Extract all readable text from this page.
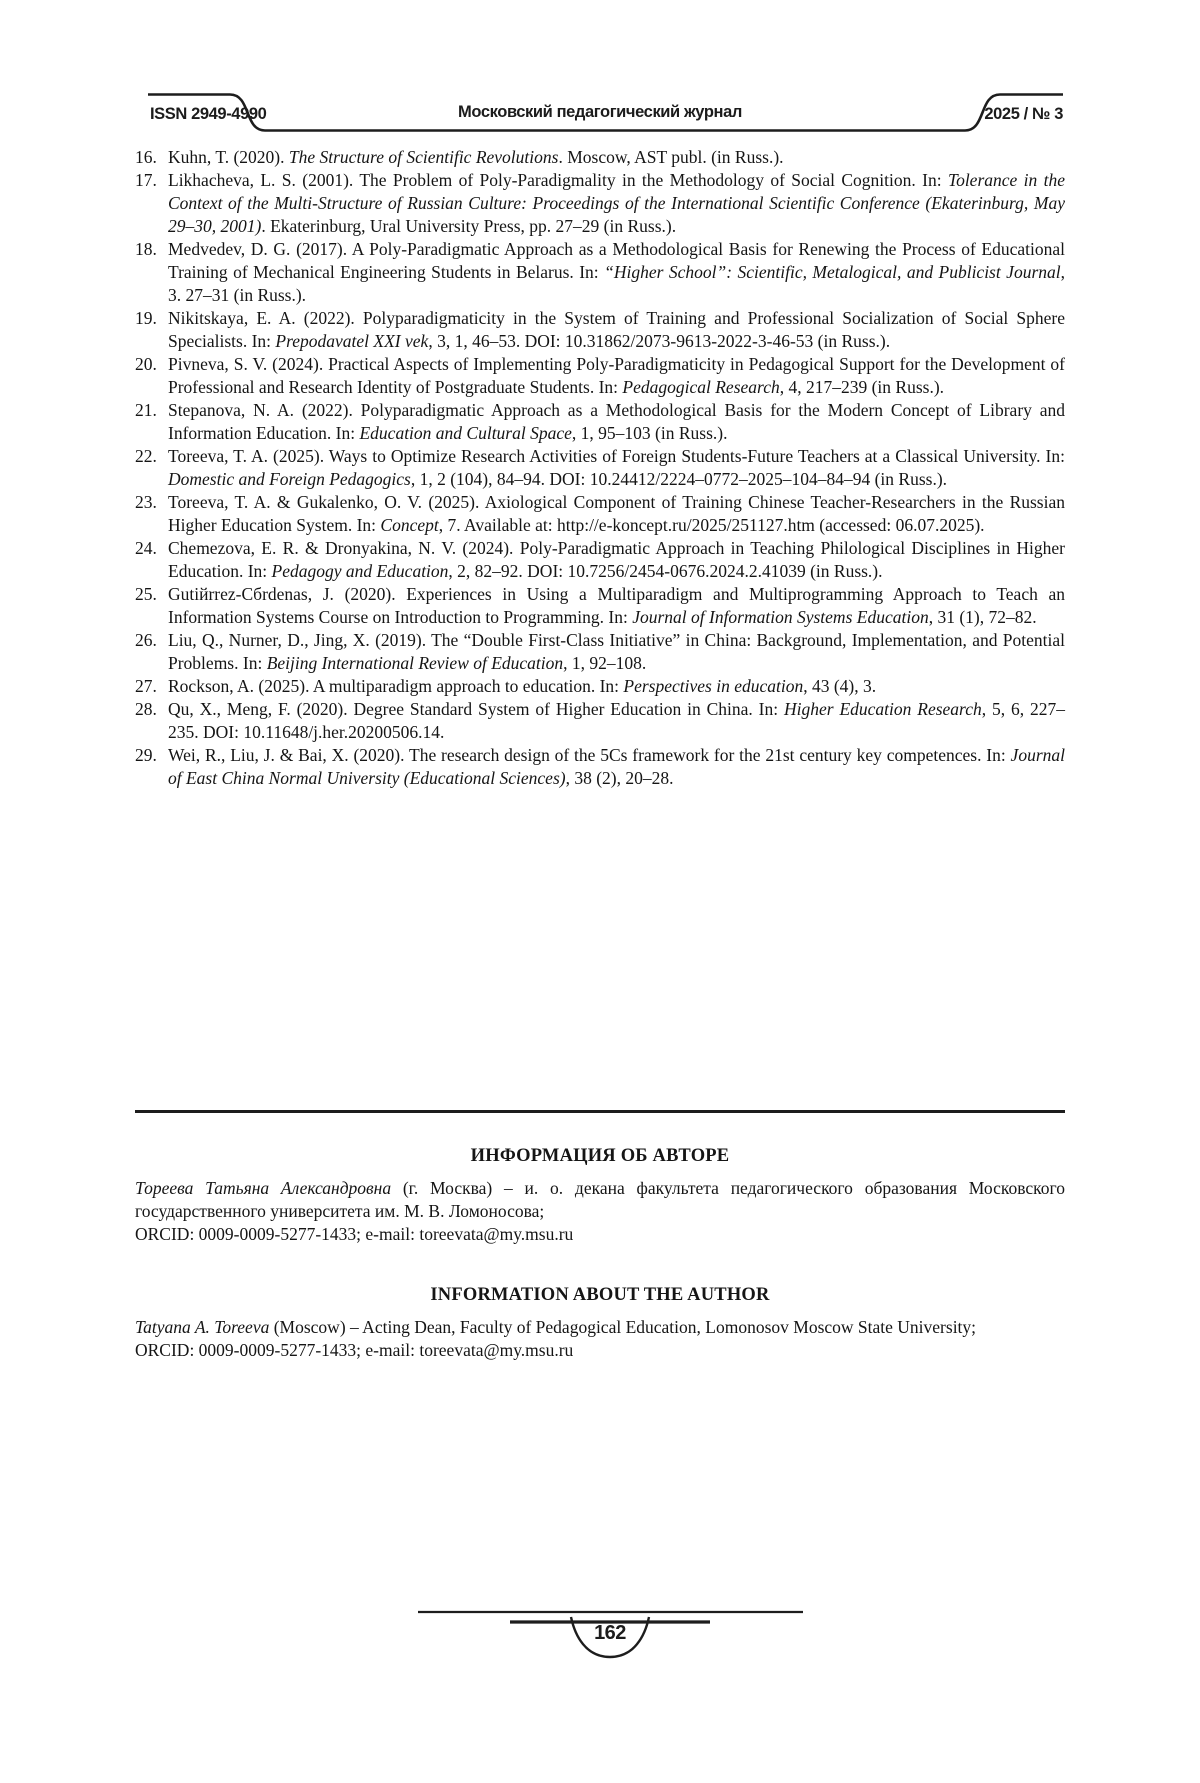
ISSN 2949-4990	Московский педагогический журнал	2025 / № 3
16. Kuhn, T. (2020). The Structure of Scientific Revolutions. Moscow, AST publ. (in Russ.).
17. Likhacheva, L. S. (2001). The Problem of Poly-Paradigmality in the Methodology of Social Cognition. In: Tolerance in the Context of the Multi-Structure of Russian Culture: Proceedings of the International Scientific Conference (Ekaterinburg, May 29–30, 2001). Ekaterinburg, Ural University Press, pp. 27–29 (in Russ.).
18. Medvedev, D. G. (2017). A Poly-Paradigmatic Approach as a Methodological Basis for Renewing the Process of Educational Training of Mechanical Engineering Students in Belarus. In: “Higher School”: Scientific, Metalogical, and Publicist Journal, 3. 27–31 (in Russ.).
19. Nikitskaya, E. A. (2022). Polyparadigmaticity in the System of Training and Professional Socialization of Social Sphere Specialists. In: Prepodavatel XXI vek, 3, 1, 46–53. DOI: 10.31862/2073-9613-2022-3-46-53 (in Russ.).
20. Pivneva, S. V. (2024). Practical Aspects of Implementing Poly-Paradigmaticity in Pedagogical Support for the Development of Professional and Research Identity of Postgraduate Students. In: Pedagogical Research, 4, 217–239 (in Russ.).
21. Stepanova, N. A. (2022). Polyparadigmatic Approach as a Methodological Basis for the Modern Concept of Library and Information Education. In: Education and Cultural Space, 1, 95–103 (in Russ.).
22. Toreeva, T. A. (2025). Ways to Optimize Research Activities of Foreign Students-Future Teachers at a Classical University. In: Domestic and Foreign Pedagogics, 1, 2 (104), 84–94. DOI: 10.24412/2224–0772–2025–104–84–94 (in Russ.).
23. Toreeva, T. A. & Gukalenko, O. V. (2025). Axiological Component of Training Chinese Teacher-Researchers in the Russian Higher Education System. In: Concept, 7. Available at: http://e-koncept.ru/2025/251127.htm (accessed: 06.07.2025).
24. Chemezova, E. R. & Dronyakina, N. V. (2024). Poly-Paradigmatic Approach in Teaching Philological Disciplines in Higher Education. In: Pedagogy and Education, 2, 82–92. DOI: 10.7256/2454-0676.2024.2.41039 (in Russ.).
25. Gutiйrrez-Cбrdenas, J. (2020). Experiences in Using a Multiparadigm and Multiprogramming Approach to Teach an Information Systems Course on Introduction to Programming. In: Journal of Information Systems Education, 31 (1), 72–82.
26. Liu, Q., Nurner, D., Jing, X. (2019). The “Double First-Class Initiative” in China: Background, Implementation, and Potential Problems. In: Beijing International Review of Education, 1, 92–108.
27. Rockson, A. (2025). A multiparadigm approach to education. In: Perspectives in education, 43 (4), 3.
28. Qu, X., Meng, F. (2020). Degree Standard System of Higher Education in China. In: Higher Education Research, 5, 6, 227–235. DOI: 10.11648/j.her.20200506.14.
29. Wei, R., Liu, J. & Bai, X. (2020). The research design of the 5Cs framework for the 21st century key competences. In: Journal of East China Normal University (Educational Sciences), 38 (2), 20–28.
ИНФОРМАЦИЯ ОБ АВТОРЕ

Тореева Татьяна Александровна (г. Москва) – и. о. декана факультета педагогического образования Московского государственного университета им. М. В. Ломоносова;

ORCID: 0009-0009-5277-1433; e-mail: toreevata@my.msu.ru

INFORMATION ABOUT THE AUTHOR

Tatyana A. Toreeva (Moscow) – Acting Dean, Faculty of Pedagogical Education, Lomonosov Moscow State University;

ORCID: 0009-0009-5277-1433; e-mail: toreevata@my.msu.ru

162
